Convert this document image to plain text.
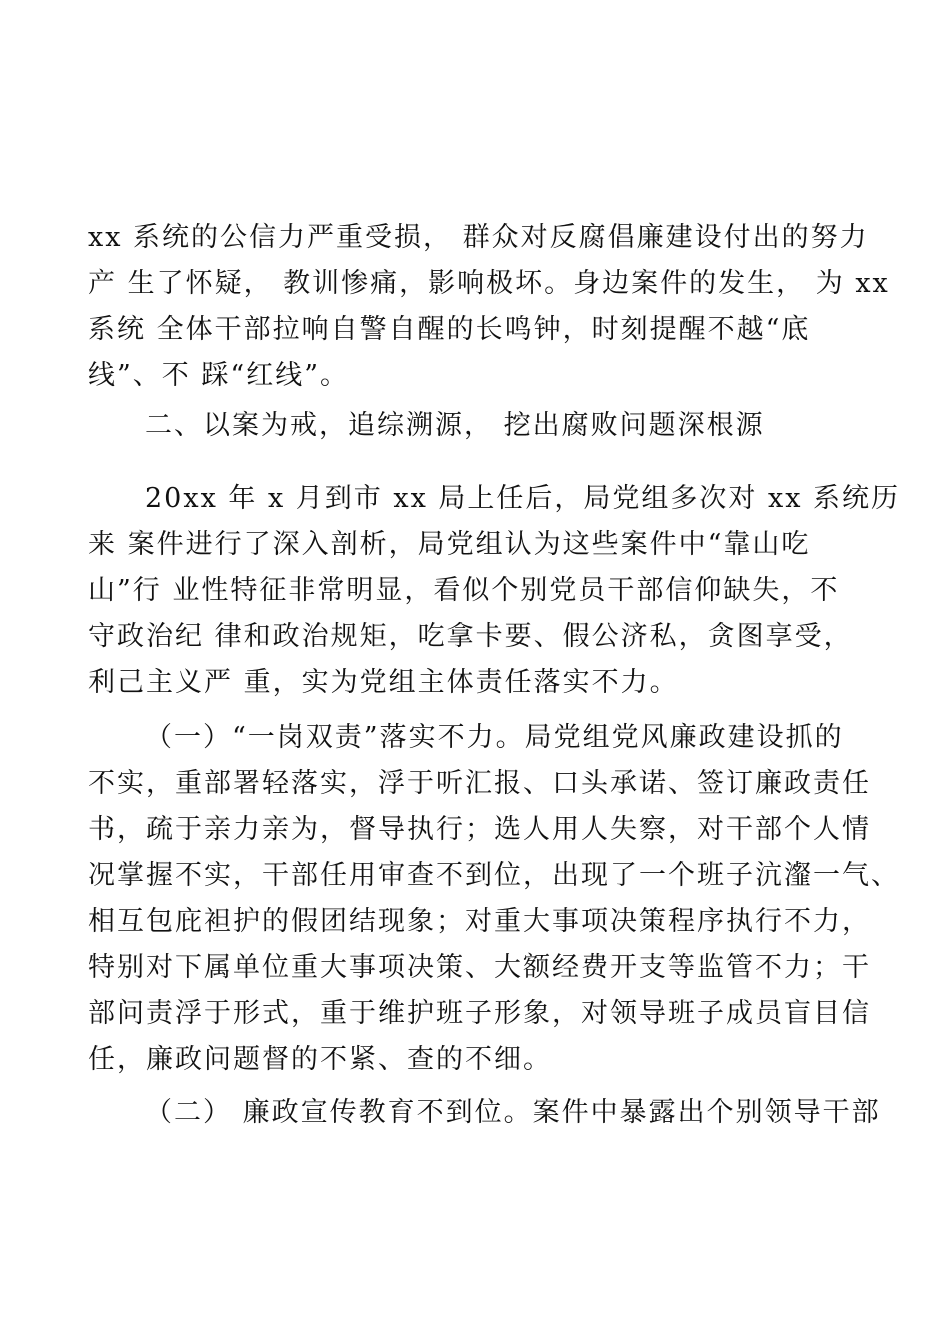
xx 系统的公信力严重受损， 群众对反腐倡廉建设付出的努力
产 生了怀疑， 教训惨痛，影响极坏。身边案件的发生， 为 xx
系统 全体干部拉响自警自醒的长鸣钟，时刻提醒不越“底
线”、不 踩“红线”。
二、以案为戒，追综溯源， 挖出腐败问题深根源
20xx 年 x 月到市 xx 局上任后，局党组多次对 xx 系统历
来 案件进行了深入剖析，局党组认为这些案件中“靠山吃
山”行 业性特征非常明显，看似个别党员干部信仰缺失，不
守政治纪 律和政治规矩，吃拿卡要、假公济私，贪图享受，
利己主义严 重，实为党组主体责任落实不力。
（一）“一岗双责”落实不力。局党组党风廉政建设抓的
不实，重部署轻落实，浮于听汇报、口头承诺、签订廉政责任
书，疏于亲力亲为，督导执行；选人用人失察，对干部个人情
况掌握不实，干部任用审查不到位，出现了一个班子沆瀣一气、
相互包庇袒护的假团结现象；对重大事项决策程序执行不力，
特别对下属单位重大事项决策、大额经费开支等监管不力；干
部问责浮于形式，重于维护班子形象，对领导班子成员盲目信
任，廉政问题督的不紧、查的不细。
（二） 廉政宣传教育不到位。案件中暴露出个别领导干部
